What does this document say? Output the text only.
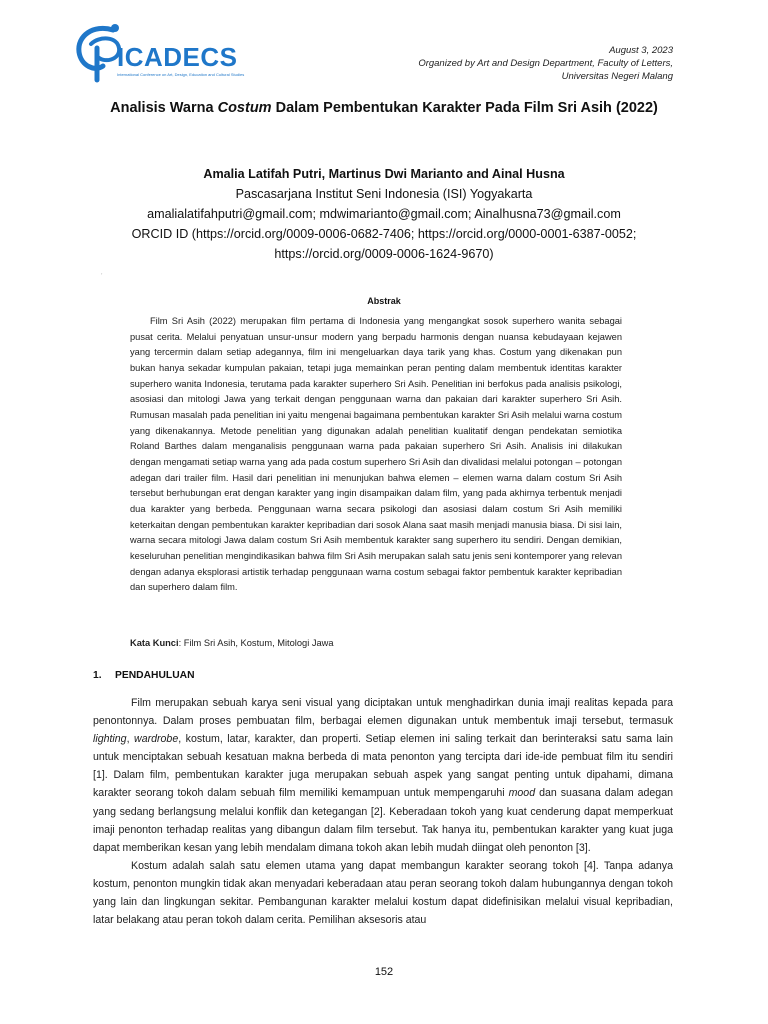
ICADECS
International Conference on Art, Design, Education and Cultural Studies
August 3, 2023
Organized by Art and Design Department, Faculty of Letters,
Universitas Negeri Malang
Analisis Warna Costum Dalam Pembentukan Karakter Pada Film Sri Asih (2022)
Amalia Latifah Putri, Martinus Dwi Marianto and Ainal Husna
Pascasarjana Institut Seni Indonesia (ISI) Yogyakarta
amalialatifahputri@gmail.com; mdwimarianto@gmail.com; Ainalhusna73@gmail.com
ORCID ID (https://orcid.org/0009-0006-0682-7406; https://orcid.org/0000-0001-6387-0052;
https://orcid.org/0009-0006-1624-9670)
,
Abstrak
Film Sri Asih (2022) merupakan film pertama di Indonesia yang mengangkat sosok superhero wanita sebagai pusat cerita. Melalui penyatuan unsur-unsur modern yang berpadu harmonis dengan nuansa kebudayaan kejawen yang tercermin dalam setiap adegannya, film ini mengeluarkan daya tarik yang khas. Costum yang dikenakan pun bukan hanya sekadar kumpulan pakaian, tetapi juga memainkan peran penting dalam membentuk identitas karakter superhero wanita Indonesia, terutama pada karakter superhero Sri Asih. Penelitian ini berfokus pada analisis psikologi, asosiasi dan mitologi Jawa yang terkait dengan penggunaan warna dan pakaian dari karakter superhero Sri Asih. Rumusan masalah pada penelitian ini yaitu mengenai bagaimana pembentukan karakter Sri Asih melalui warna costum yang dikenakannya. Metode penelitian yang digunakan adalah penelitian kualitatif dengan pendekatan semiotika Roland Barthes dalam menganalisis penggunaan warna pada pakaian superhero Sri Asih. Analisis ini dilakukan dengan mengamati setiap warna yang ada pada costum superhero Sri Asih dan divalidasi melalui potongan – potongan adegan dari trailer film. Hasil dari penelitian ini menunjukan bahwa elemen – elemen warna dalam costum Sri Asih tersebut berhubungan erat dengan karakter yang ingin disampaikan dalam film, yang pada akhirnya terbentuk menjadi dua karakter yang berbeda. Penggunaan warna secara psikologi dan asosiasi dalam costum Sri Asih memiliki keterkaitan dengan pembentukan karakter kepribadian dari sosok Alana saat masih menjadi manusia biasa. Di sisi lain, warna secara mitologi Jawa dalam costum Sri Asih membentuk karakter sang superhero itu sendiri. Dengan demikian, keseluruhan penelitian mengindikasikan bahwa film Sri Asih merupakan salah satu jenis seni kontemporer yang relevan dengan adanya eksplorasi artistik terhadap penggunaan warna costum sebagai faktor pembentuk karakter kepribadian dan superhero dalam film.
Kata Kunci: Film Sri Asih, Kostum, Mitologi Jawa
1. PENDAHULUAN

Film merupakan sebuah karya seni visual yang diciptakan untuk menghadirkan dunia imaji realitas kepada para penontonnya. Dalam proses pembuatan film, berbagai elemen digunakan untuk membentuk imaji tersebut, termasuk lighting, wardrobe, kostum, latar, karakter, dan properti. Setiap elemen ini saling terkait dan berinteraksi satu sama lain untuk menciptakan sebuah kesatuan makna berbeda di mata penonton yang tercipta dari ide-ide pembuat film itu sendiri [1]. Dalam film, pembentukan karakter juga merupakan sebuah aspek yang sangat penting untuk dipahami, dimana karakter seorang tokoh dalam sebuah film memiliki kemampuan untuk mempengaruhi mood dan suasana dalam adegan yang sedang berlangsung melalui konflik dan ketegangan [2]. Keberadaan tokoh yang kuat cenderung dapat memperkuat imaji penonton terhadap realitas yang dibangun dalam film tersebut. Tak hanya itu, pembentukan karakter yang kuat juga dapat memberikan kesan yang lebih mendalam dimana tokoh akan lebih mudah diingat oleh penonton [3].

Kostum adalah salah satu elemen utama yang dapat membangun karakter seorang tokoh [4]. Tanpa adanya kostum, penonton mungkin tidak akan menyadari keberadaan atau peran seorang tokoh dalam hubungannya dengan tokoh yang lain dan lingkungan sekitar. Pembangunan karakter melalui kostum dapat didefinisikan melalui visual kepribadian, latar belakang atau peran tokoh dalam cerita. Pemilihan aksesoris atau

152
